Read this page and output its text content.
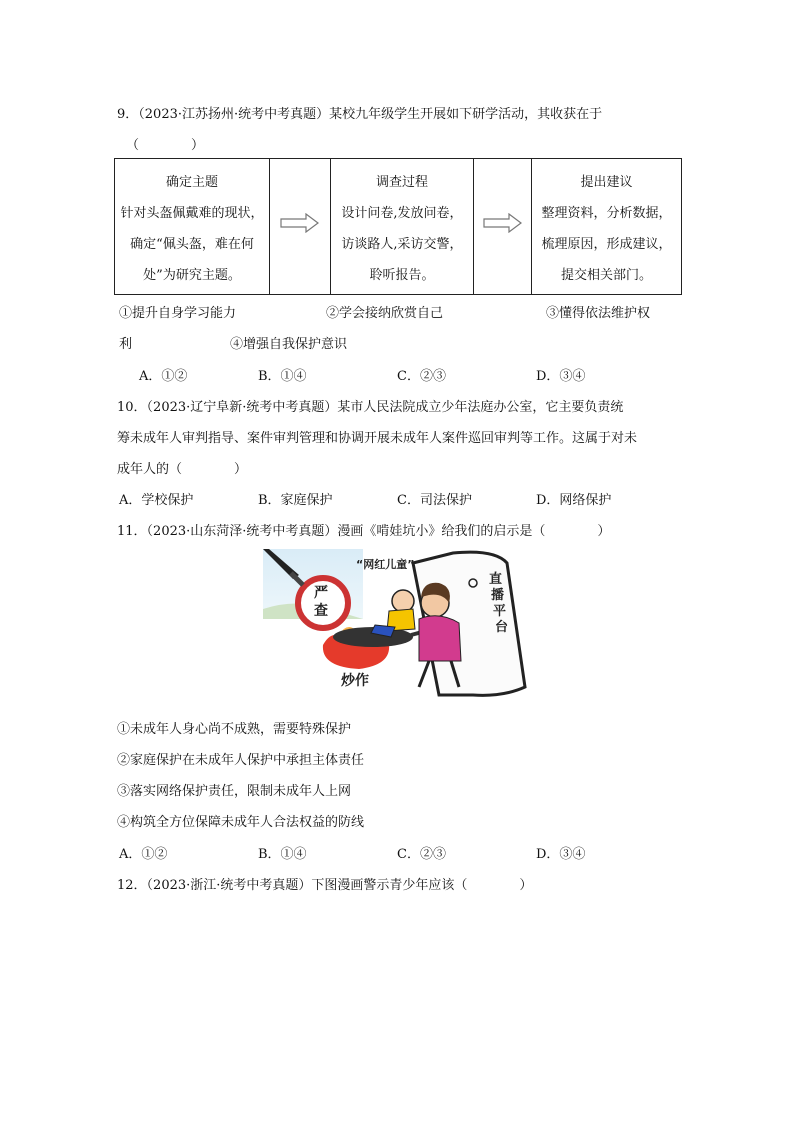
9．（2023·江苏扬州·统考中考真题）某校九年级学生开展如下研学活动，其收获在于
（　　　　）
确定主题
针对头盔佩戴难的现状，
确定“佩头盔，难在何
处”为研究主题。
调查过程
设计问卷,发放问卷，
访谈路人,采访交警，
聆听报告。
提出建议
整理资料，分析数据，
梳理原因，形成建议，
提交相关部门。
①提升自身学习能力	②学会接纳欣赏自己	③懂得依法维护权
利	④增强自我保护意识
A．①②	B．①④	C．②③	D．③④
10．（2023·辽宁阜新·统考中考真题）某市人民法院成立少年法庭办公室，它主要负责统
筹未成年人审判指导、案件审判管理和协调开展未成年人案件巡回审判等工作。这属于对未
成年人的（　　　　）
A．学校保护	B．家庭保护	C．司法保护	D．网络保护
11．（2023·山东菏泽·统考中考真题）漫画《啃娃坑小》给我们的启示是（　　　　）
“网红儿童”
严
查
直
播
平
台
炒作
①未成年人身心尚不成熟，需要特殊保护
②家庭保护在未成年人保护中承担主体责任
③落实网络保护责任，限制未成年人上网
④构筑全方位保障未成年人合法权益的防线
A．①②	B．①④	C．②③	D．③④
12．（2023·浙江·统考中考真题）下图漫画警示青少年应该（　　　　）
